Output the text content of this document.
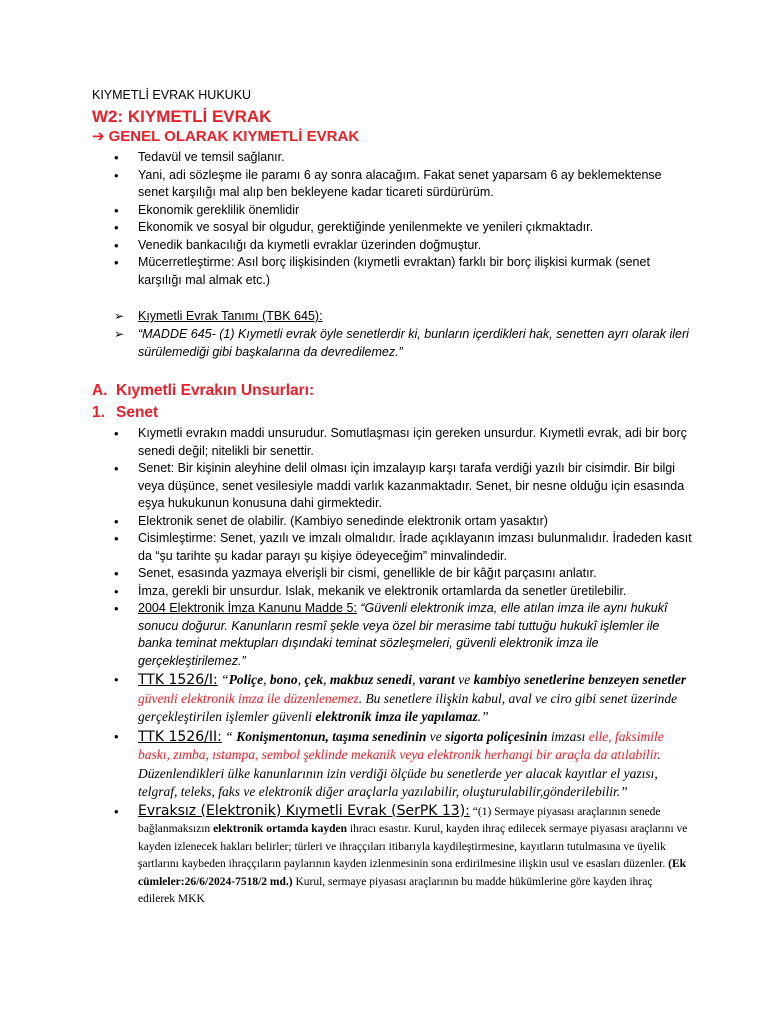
KIYMETLİ EVRAK HUKUKU

W2: KIYMETLİ EVRAK

➔ GENEL OLARAK KIYMETLİ EVRAK

• Tedavül ve temsil sağlanır.
• Yani, adi sözleşme ile paramı 6 ay sonra alacağım. Fakat senet yaparsam 6 ay beklemektense senet karşılığı mal alıp ben bekleyene kadar ticareti sürdürürüm.
• Ekonomik gereklilik önemlidir
• Ekonomik ve sosyal bir olgudur, gerektiğinde yenilenmekte ve yenileri çıkmaktadır.
• Venedik bankacılığı da kıymetli evraklar üzerinden doğmuştur.
• Mücerretleştirme: Asıl borç ilişkisinden (kıymetli evraktan) farklı bir borç ilişkisi kurmak (senet karşılığı mal almak etc.)
➢ Kıymetli Evrak Tanımı (TBK 645):
➢ “MADDE 645- (1) Kıymetli evrak öyle senetlerdir ki, bunların içerdikleri hak, senetten ayrı olarak ileri sürülemediği gibi başkalarına da devredilemez.”

A. Kıymetli Evrakın Unsurları:

1. Senet

• Kıymetli evrakın maddi unsurudur. Somutlaşması için gereken unsurdur. Kıymetli evrak, adi bir borç senedi değil; nitelikli bir senettir.
• Senet: Bir kişinin aleyhine delil olması için imzalayıp karşı tarafa verdiği yazılı bir cisimdir. Bir bilgi veya düşünce, senet vesilesiyle maddi varlık kazanmaktadır. Senet, bir nesne olduğu için esasında eşya hukukunun konusuna dahi girmektedir.
• Elektronik senet de olabilir. (Kambiyo senedinde elektronik ortam yasaktır)
• Cisimleştirme: Senet, yazılı ve imzalı olmalıdır. İrade açıklayanın imzası bulunmalıdır. İradeden kasıt da “şu tarihte şu kadar parayı şu kişiye ödeyeceğim” minvalindedir.
• Senet, esasında yazmaya elverişli bir cismi, genellikle de bir kâğıt parçasını anlatır.
• İmza, gerekli bir unsurdur. Islak, mekanik ve elektronik ortamlarda da senetler üretilebilir.
• 2004 Elektronik İmza Kanunu Madde 5: “Güvenli elektronik imza, elle atılan imza ile aynı hukukî sonucu doğurur. Kanunların resmî şekle veya özel bir merasime tabi tuttuğu hukukî işlemler ile banka teminat mektupları dışındaki teminat sözleşmeleri, güvenli elektronik imza ile gerçekleştirilemez.”
• TTK 1526/I: “Poliçe, bono, çek, makbuz senedi, varant ve kambiyo senetlerine benzeyen senetler güvenli elektronik imza ile düzenlenemez. Bu senetlere ilişkin kabul, aval ve ciro gibi senet üzerinde gerçekleştirilen işlemler güvenli elektronik imza ile yapılamaz.”
• TTK 1526/II: “ Konişmentonun, taşıma senedinin ve sigorta poliçesinin imzası elle, faksimile baskı, zımba, ıstampa, sembol şeklinde mekanik veya elektronik herhangi bir araçla da atılabilir. Düzenlendikleri ülke kanunlarının izin verdiği ölçüde bu senetlerde yer alacak kayıtlar el yazısı, telgraf, teleks, faks ve elektronik diğer araçlarla yazılabilir, oluşturulabilir,gönderilebilir.”
• Evraksız (Elektronik) Kıymetli Evrak (SerPK 13): “(1) Sermaye piyasası araçlarının senede bağlanmaksızın elektronik ortamda kayden ihracı esastır. Kurul, kayden ihraç edilecek sermaye piyasası araçlarını ve kayden izlenecek hakları belirler; türleri ve ihraççıları itibarıyla kaydileştirmesine, kayıtların tutulmasına ve üyelik şartlarını kaybeden ihraççıların paylarının kayden izlenmesinin sona erdirilmesine ilişkin usul ve esasları düzenler. (Ek cümleler:26/6/2024-7518/2 md.) Kurul, sermaye piyasası araçlarının bu madde hükümlerine göre kayden ihraç edilerek MKK
